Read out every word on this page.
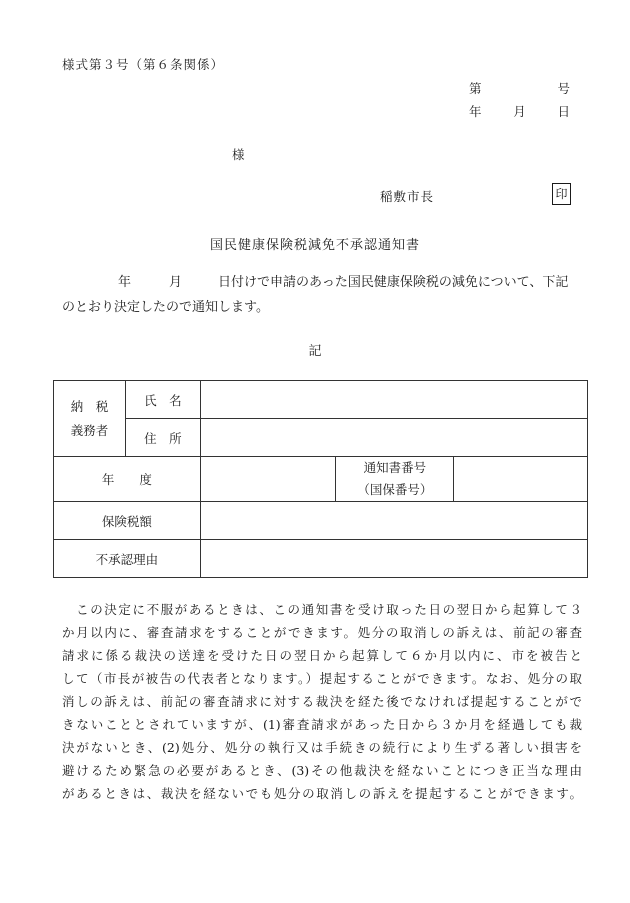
様式第３号（第６条関係）
第	号
年	月	日
様
稲敷市長	印
国民健康保険税減免不承認通知書
年	月	日付けで申請のあった国民健康保険税の減免について、下記
のとおり決定したので通知します。
記
納　税
義務者	氏　名			
	住　所			
年　　度			通知書番号
（国保番号）	

保険税額				
不承認理由				
　この決定に不服があるときは、この通知書を受け取った日の翌日から起算して３
か月以内に、審査請求をすることができます。処分の取消しの訴えは、前記の審査
請求に係る裁決の送達を受けた日の翌日から起算して６か月以内に、市を被告と
して（市長が被告の代表者となります。）提起することができます。なお、処分の取
消しの訴えは、前記の審査請求に対する裁決を経た後でなければ提起することがで
きないこととされていますが、(1)審査請求があった日から３か月を経過しても裁
決がないとき、(2)処分、処分の執行又は手続きの続行により生ずる著しい損害を
避けるため緊急の必要があるとき、(3)その他裁決を経ないことにつき正当な理由
があるときは、裁決を経ないでも処分の取消しの訴えを提起することができます。
